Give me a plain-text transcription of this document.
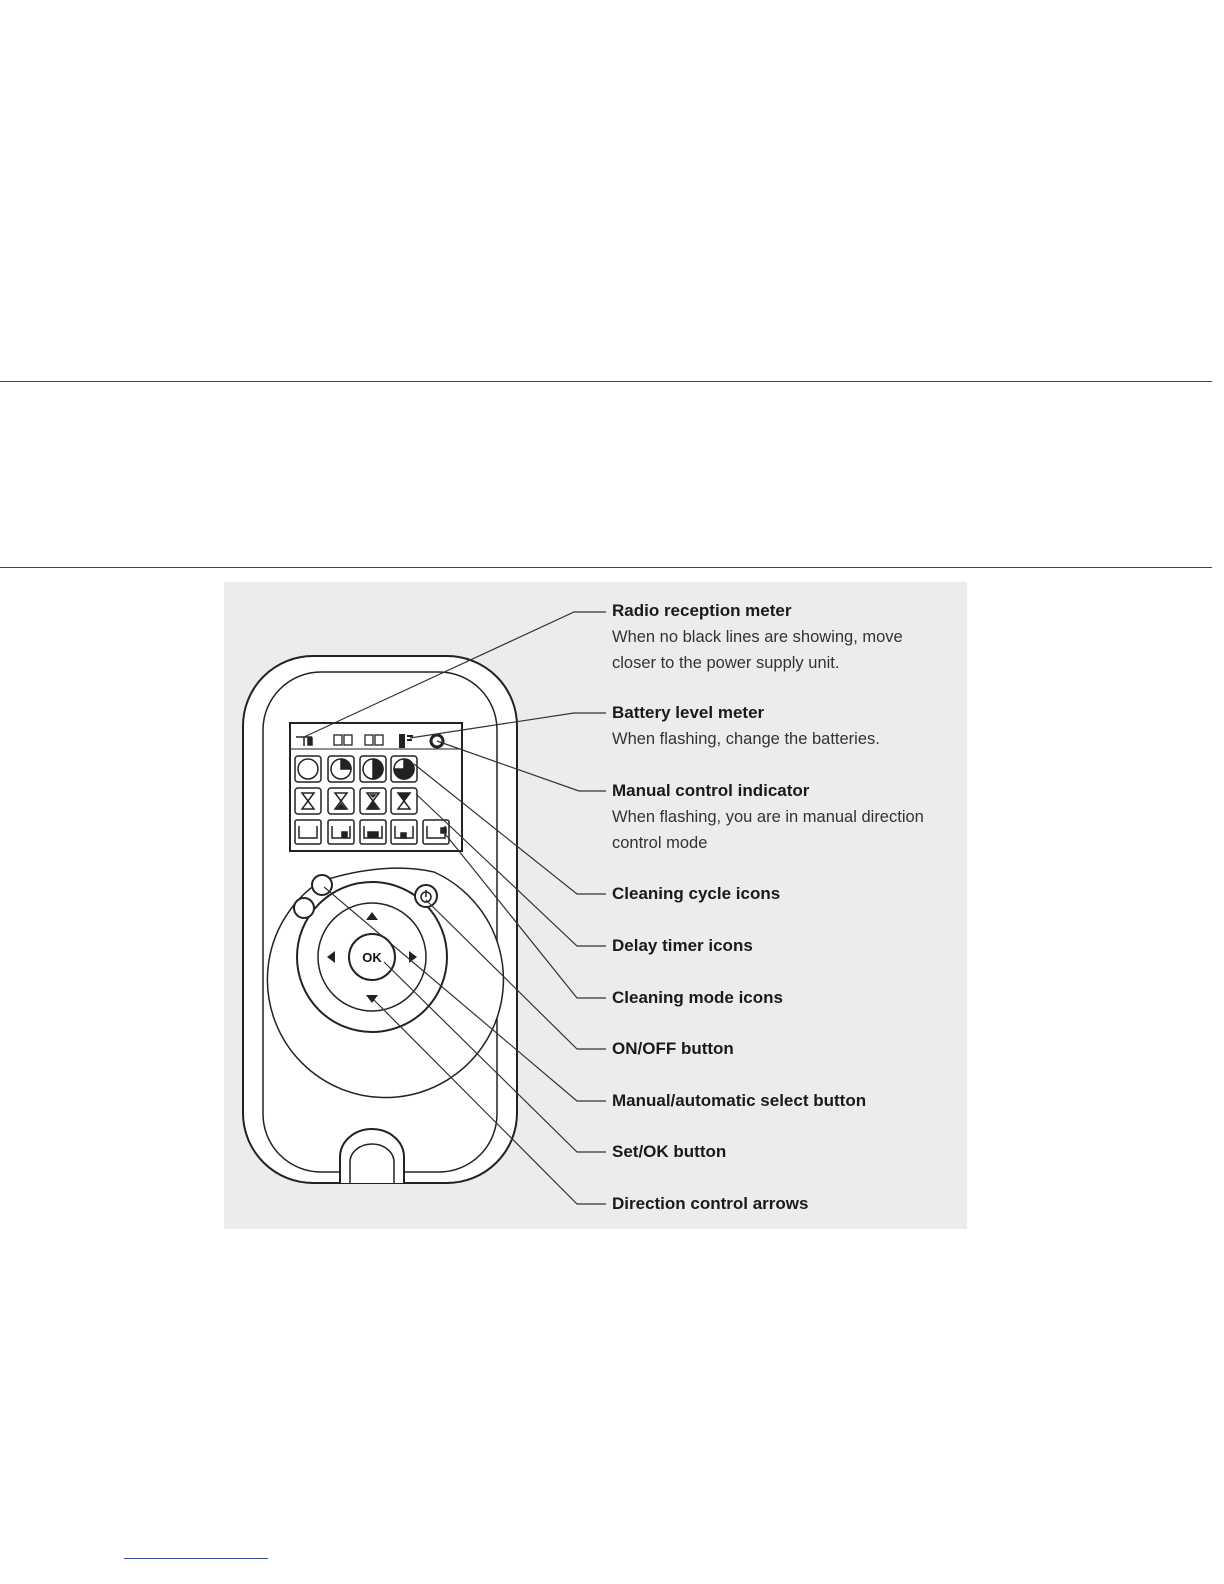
OK
Radio reception meter
When no black lines are showing, move
closer to the power supply unit.
Battery level meter
When flashing, change the batteries.
Manual control indicator
When flashing, you are in manual direction
control mode
Cleaning cycle icons
Delay timer icons
Cleaning mode icons
ON/OFF button
Manual/automatic select button
Set/OK button
Direction control arrows
